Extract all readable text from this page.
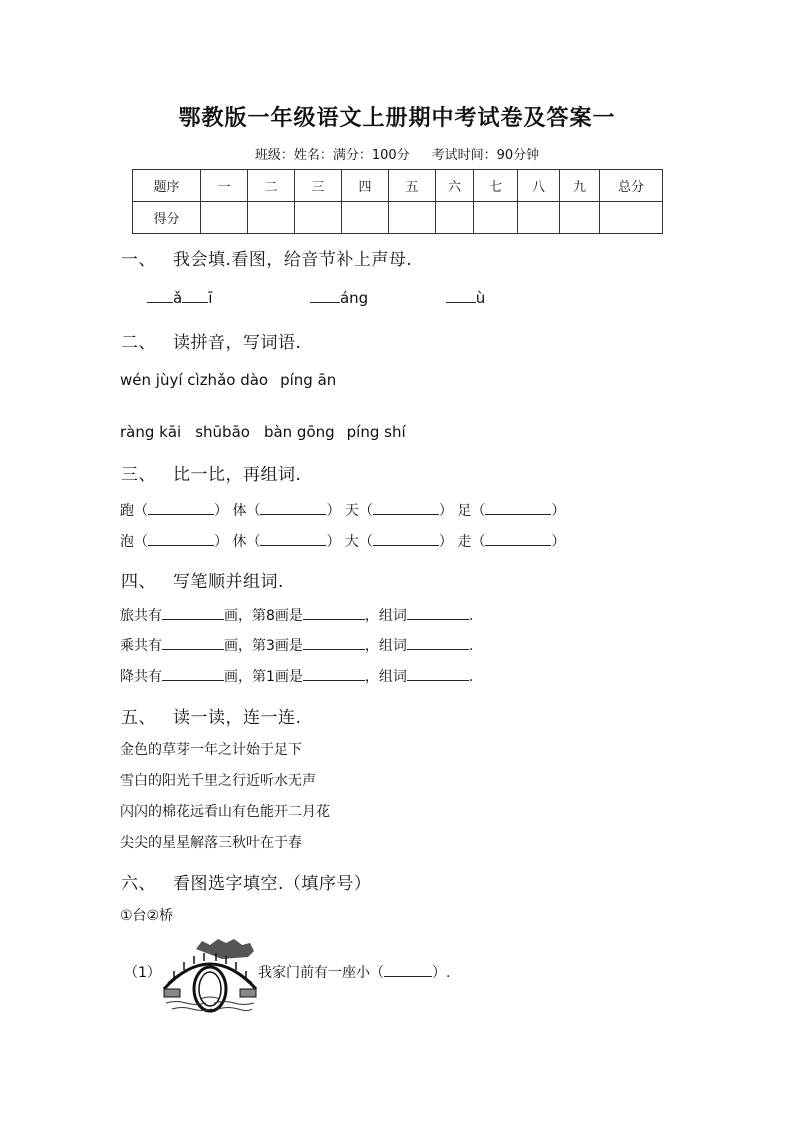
鄂教版一年级语文上册期中考试卷及答案一
班级：姓名：满分：100分 考试时间：90分钟
题序	一	二	三	四	五	六	七	八	九	总分
得分										
一、 我会填.看图，给音节补上声母.
ǎ ī	áng	ù
二、 读拼音，写词语.
wén jùyí cìzhǎo dào píng ān
ràng kāi shūbāo bàn gōng píng shí
三、 比一比，再组词.
跑（	） 体（	） 天（	） 足（	）
泡（	） 休（	） 大（	） 走（	）
四、 写笔顺并组词.
旅共有	画，第8画是	，组词	.
乘共有	画，第3画是	，组词	.
降共有	画，第1画是	，组词	.
五、 读一读，连一连.
金色的草芽一年之计始于足下
雪白的阳光千里之行近听水无声
闪闪的棉花远看山有色能开二月花
尖尖的星星解落三秋叶在于春
六、 看图选字填空.（填序号）
①台②桥
（1）	我家门前有一座小（	）.
